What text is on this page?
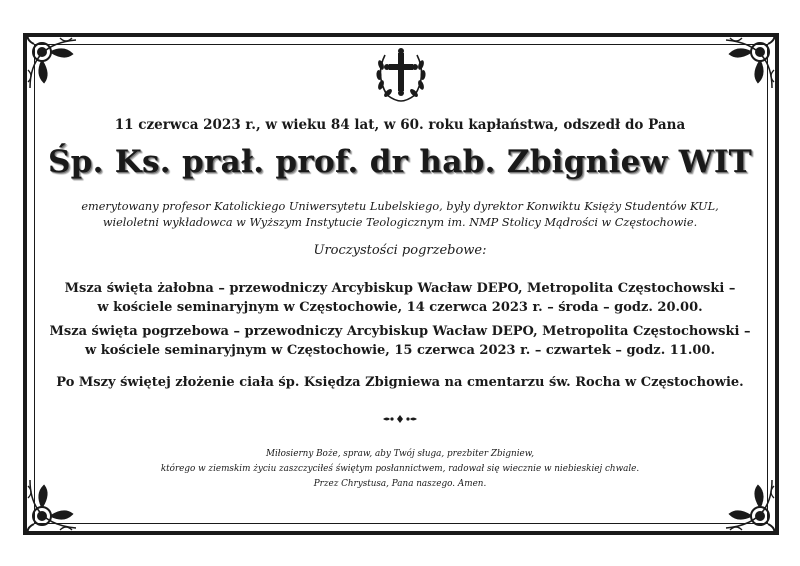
11 czerwca 2023 r., w wieku 84 lat, w 60. roku kapłaństwa, odszedł do Pana
Śp. Ks. prał. prof. dr hab. Zbigniew WIT
emerytowany profesor Katolickiego Uniwersytetu Lubelskiego, były dyrektor Konwiktu Księży Studentów KUL,
wieloletni wykładowca w Wyższym Instytucie Teologicznym im. NMP Stolicy Mądrości w Częstochowie.
Uroczystości pogrzebowe:
Msza święta żałobna – przewodniczy Arcybiskup Wacław DEPO, Metropolita Częstochowski –
w kościele seminaryjnym w Częstochowie, 14 czerwca 2023 r. – środa – godz. 20.00.
Msza święta pogrzebowa – przewodniczy Arcybiskup Wacław DEPO, Metropolita Częstochowski –
w kościele seminaryjnym w Częstochowie, 15 czerwca 2023 r. – czwartek – godz. 11.00.
Po Mszy świętej złożenie ciała śp. Księdza Zbigniewa na cmentarzu św. Rocha w Częstochowie.
Miłosierny Boże, spraw, aby Twój sługa, prezbiter Zbigniew,
którego w ziemskim życiu zaszczyciłeś świętym posłannictwem, radował się wiecznie w niebieskiej chwale.
Przez Chrystusa, Pana naszego. Amen.
